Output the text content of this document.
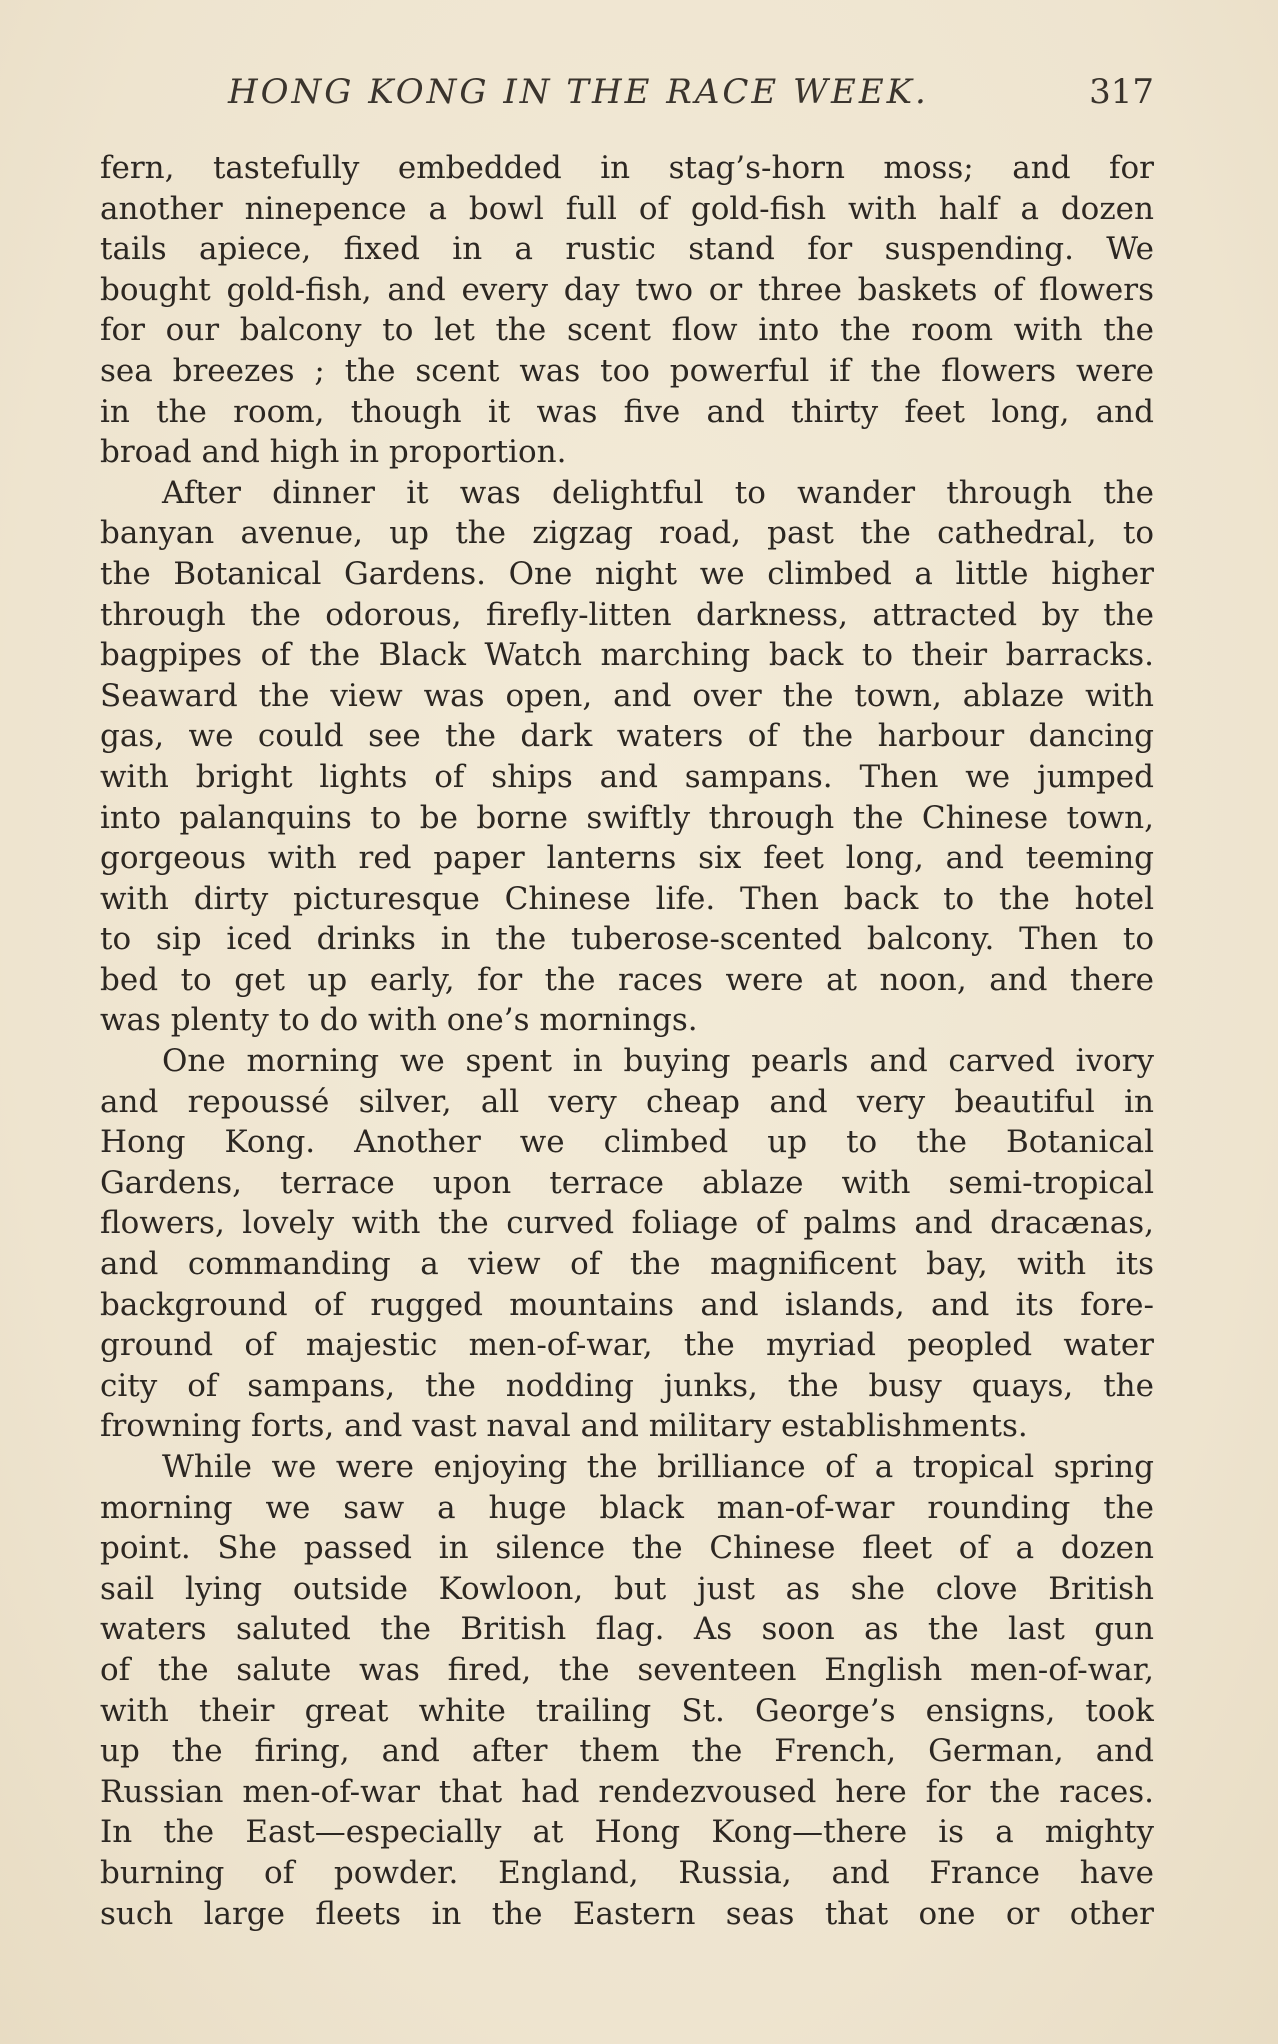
HONG KONG IN THE RACE WEEK.	317
fern, tastefully embedded in stag’s-horn moss; and for
another ninepence a bowl full of gold-fish with half a dozen
tails apiece, fixed in a rustic stand for suspending. We
bought gold-fish, and every day two or three baskets of flowers
for our balcony to let the scent flow into the room with the
sea breezes ; the scent was too powerful if the flowers were
in the room, though it was five and thirty feet long, and
broad and high in proportion.
After dinner it was delightful to wander through the
banyan avenue, up the zigzag road, past the cathedral, to
the Botanical Gardens. One night we climbed a little higher
through the odorous, firefly-litten darkness, attracted by the
bagpipes of the Black Watch marching back to their barracks.
Seaward the view was open, and over the town, ablaze with
gas, we could see the dark waters of the harbour dancing
with bright lights of ships and sampans. Then we jumped
into palanquins to be borne swiftly through the Chinese town,
gorgeous with red paper lanterns six feet long, and teeming
with dirty picturesque Chinese life. Then back to the hotel
to sip iced drinks in the tuberose-scented balcony. Then to
bed to get up early, for the races were at noon, and there
was plenty to do with one’s mornings.
One morning we spent in buying pearls and carved ivory
and repoussé silver, all very cheap and very beautiful in
Hong Kong. Another we climbed up to the Botanical
Gardens, terrace upon terrace ablaze with semi-tropical
flowers, lovely with the curved foliage of palms and dracænas,
and commanding a view of the magnificent bay, with its
background of rugged mountains and islands, and its fore-
ground of majestic men-of-war, the myriad peopled water
city of sampans, the nodding junks, the busy quays, the
frowning forts, and vast naval and military establishments.
While we were enjoying the brilliance of a tropical spring
morning we saw a huge black man-of-war rounding the
point. She passed in silence the Chinese fleet of a dozen
sail lying outside Kowloon, but just as she clove British
waters saluted the British flag. As soon as the last gun
of the salute was fired, the seventeen English men-of-war,
with their great white trailing St. George’s ensigns, took
up the firing, and after them the French, German, and
Russian men-of-war that had rendezvoused here for the races.
In the East—especially at Hong Kong—there is a mighty
burning of powder. England, Russia, and France have
such large fleets in the Eastern seas that one or other
